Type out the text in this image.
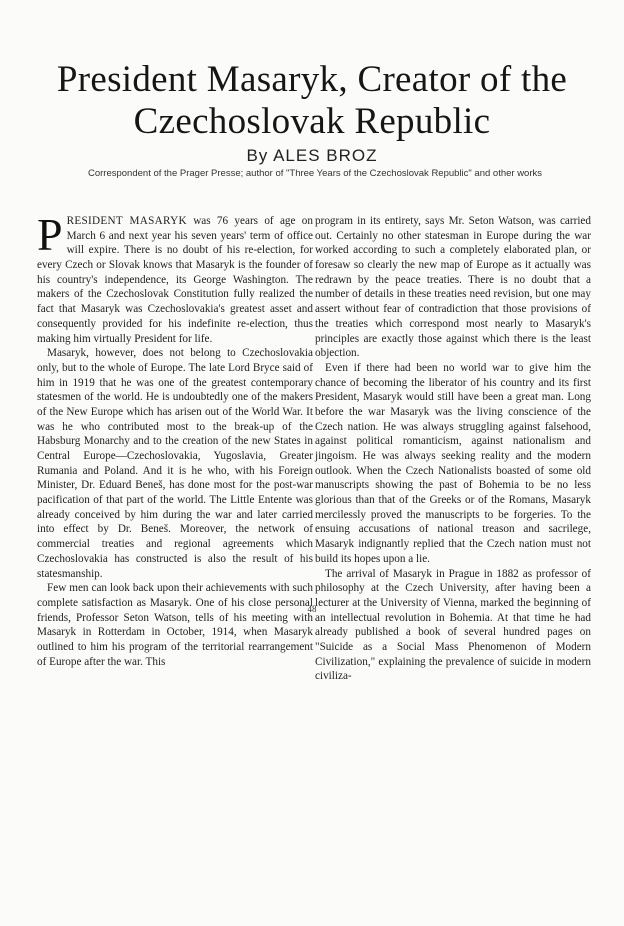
President Masaryk, Creator of the
Czechoslovak Republic
By ALES BROZ
Correspondent of the Prager Presse; author of "Three Years of the Czechoslovak Republic" and other works

PRESIDENT MASARYK was 76 years of age on March 6 and next year his seven years' term of office will expire. There is no doubt of his re-election, for every Czech or Slovak knows that Masaryk is the founder of his country's independence, its George Washington. The makers of the Czechoslovak Constitution fully realized the fact that Masaryk was Czechoslovakia's greatest asset and consequently provided for his indefinite re-election, thus making him virtually President for life.

Masaryk, however, does not belong to Czechoslovakia only, but to the whole of Europe. The late Lord Bryce said of him in 1919 that he was one of the greatest contemporary statesmen of the world. He is undoubtedly one of the makers of the New Europe which has arisen out of the World War. It was he who contributed most to the break-up of the Habsburg Monarchy and to the creation of the new States in Central Europe—Czechoslovakia, Yugoslavia, Greater Rumania and Poland. And it is he who, with his Foreign Minister, Dr. Eduard Beneš, has done most for the post-war pacification of that part of the world. The Little Entente was already conceived by him during the war and later carried into effect by Dr. Beneš. Moreover, the network of commercial treaties and regional agreements which Czechoslovakia has constructed is also the result of his statesmanship.

Few men can look back upon their achievements with such complete satisfaction as Masaryk. One of his close personal friends, Professor Seton Watson, tells of his meeting with Masaryk in Rotterdam in October, 1914, when Masaryk outlined to him his program of the territorial rearrangement of Europe after the war. This

program in its entirety, says Mr. Seton Watson, was carried out. Certainly no other statesman in Europe during the war worked according to such a completely elaborated plan, or foresaw so clearly the new map of Europe as it actually was redrawn by the peace treaties. There is no doubt that a number of details in these treaties need revision, but one may assert without fear of contradiction that those provisions of the treaties which correspond most nearly to Masaryk's principles are exactly those against which there is the least objection.

Even if there had been no world war to give him the chance of becoming the liberator of his country and its first President, Masaryk would still have been a great man. Long before the war Masaryk was the living conscience of the Czech nation. He was always struggling against falsehood, against political romanticism, against nationalism and jingoism. He was always seeking reality and the modern outlook. When the Czech Nationalists boasted of some old manuscripts showing the past of Bohemia to be no less glorious than that of the Greeks or of the Romans, Masaryk mercilessly proved the manuscripts to be forgeries. To the ensuing accusations of national treason and sacrilege, Masaryk indignantly replied that the Czech nation must not build its hopes upon a lie.

The arrival of Masaryk in Prague in 1882 as professor of philosophy at the Czech University, after having been a lecturer at the University of Vienna, marked the beginning of an intellectual revolution in Bohemia. At that time he had already published a book of several hundred pages on "Suicide as a Social Mass Phenomenon of Modern Civilization," explaining the prevalence of suicide in modern civiliza-

48
